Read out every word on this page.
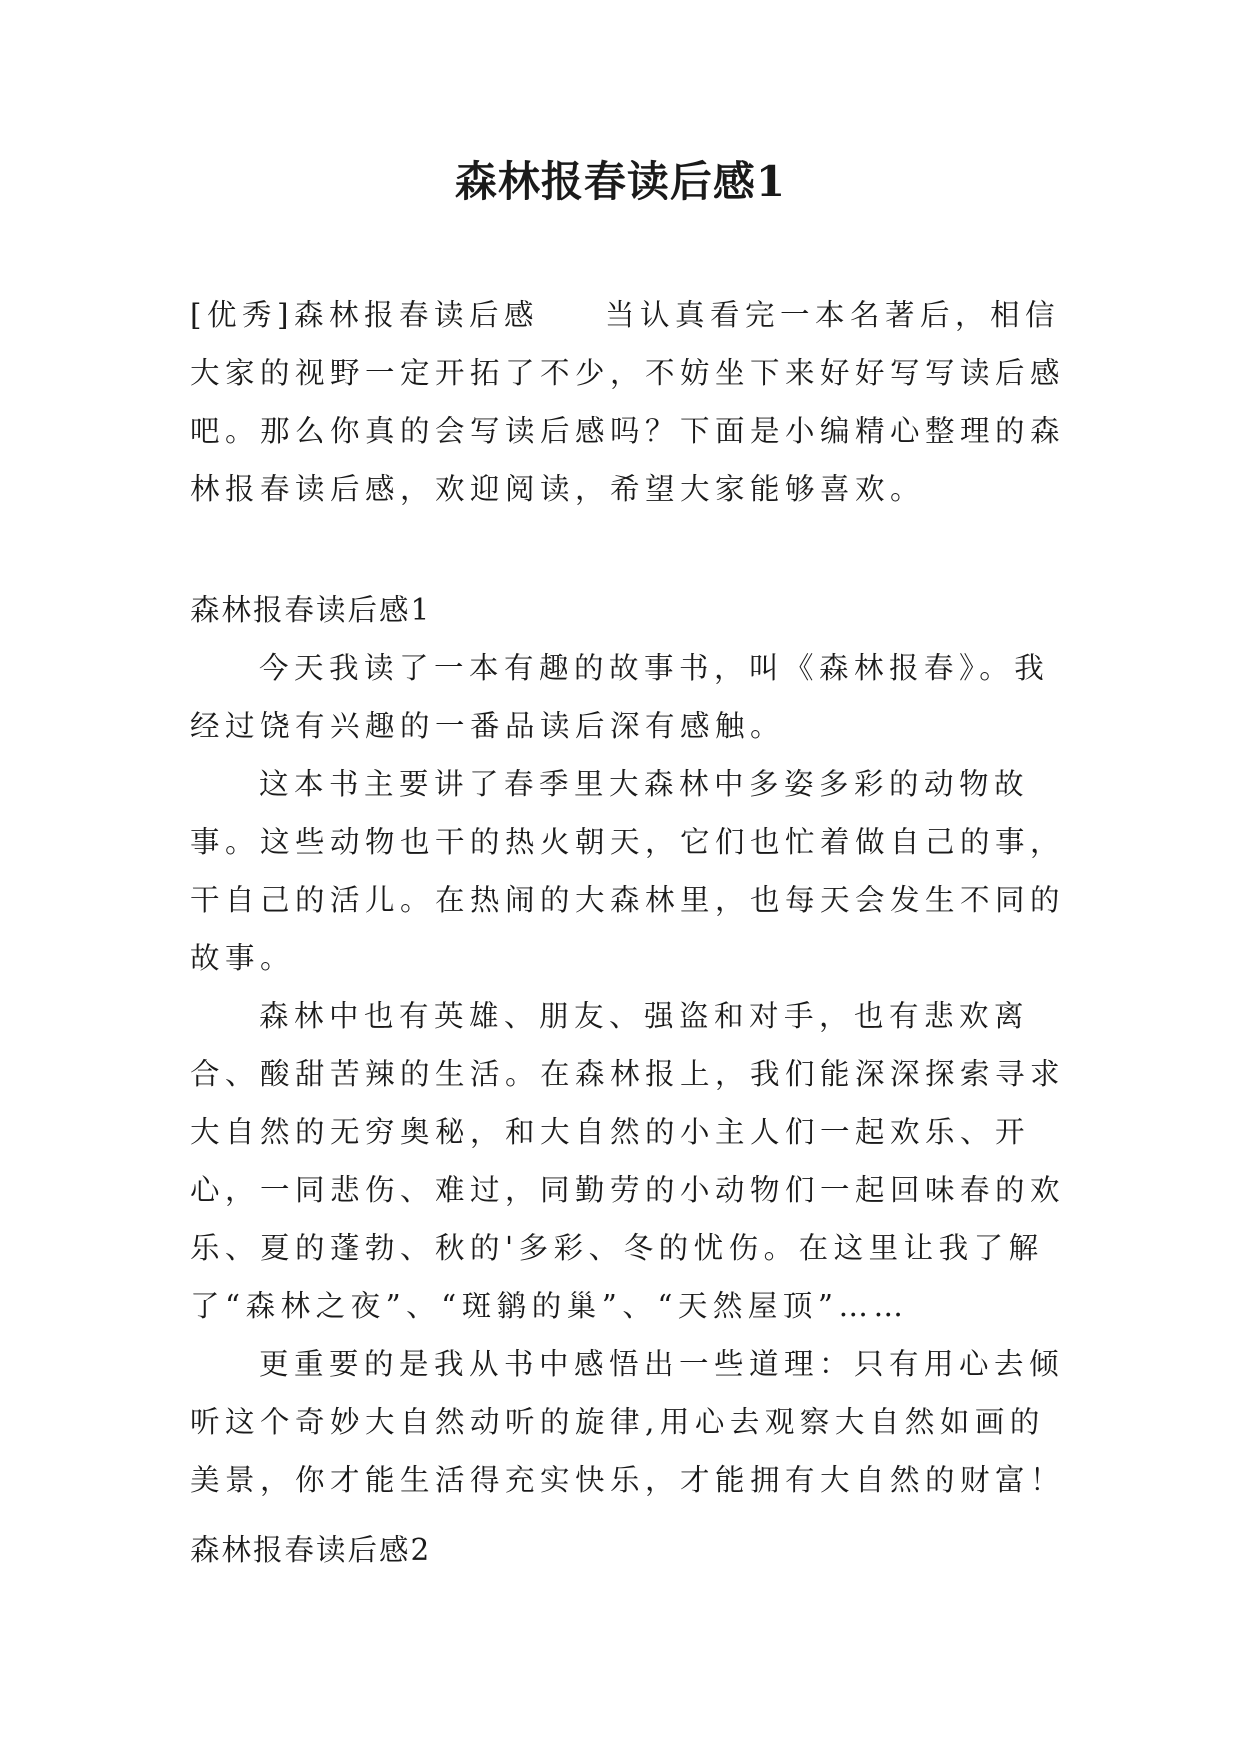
森林报春读后感1

[优秀]森林报春读后感 当认真看完一本名著后，相信大家的视野一定开拓了不少，不妨坐下来好好写写读后感吧。那么你真的会写读后感吗？下面是小编精心整理的森林报春读后感，欢迎阅读，希望大家能够喜欢。

森林报春读后感1

今天我读了一本有趣的故事书，叫《森林报春》。我经过饶有兴趣的一番品读后深有感触。

这本书主要讲了春季里大森林中多姿多彩的动物故事。这些动物也干的热火朝天，它们也忙着做自己的事，干自己的活儿。在热闹的大森林里，也每天会发生不同的故事。

森林中也有英雄、朋友、强盗和对手，也有悲欢离合、酸甜苦辣的生活。在森林报上，我们能深深探索寻求大自然的无穷奥秘，和大自然的小主人们一起欢乐、开心，一同悲伤、难过，同勤劳的小动物们一起回味春的欢乐、夏的蓬勃、秋的'多彩、冬的忧伤。在这里让我了解了“森林之夜”、“斑鹟的巢”、“天然屋顶”……

更重要的是我从书中感悟出一些道理：只有用心去倾听这个奇妙大自然动听的旋律,用心去观察大自然如画的美景，你才能生活得充实快乐，才能拥有大自然的财富！

森林报春读后感2
